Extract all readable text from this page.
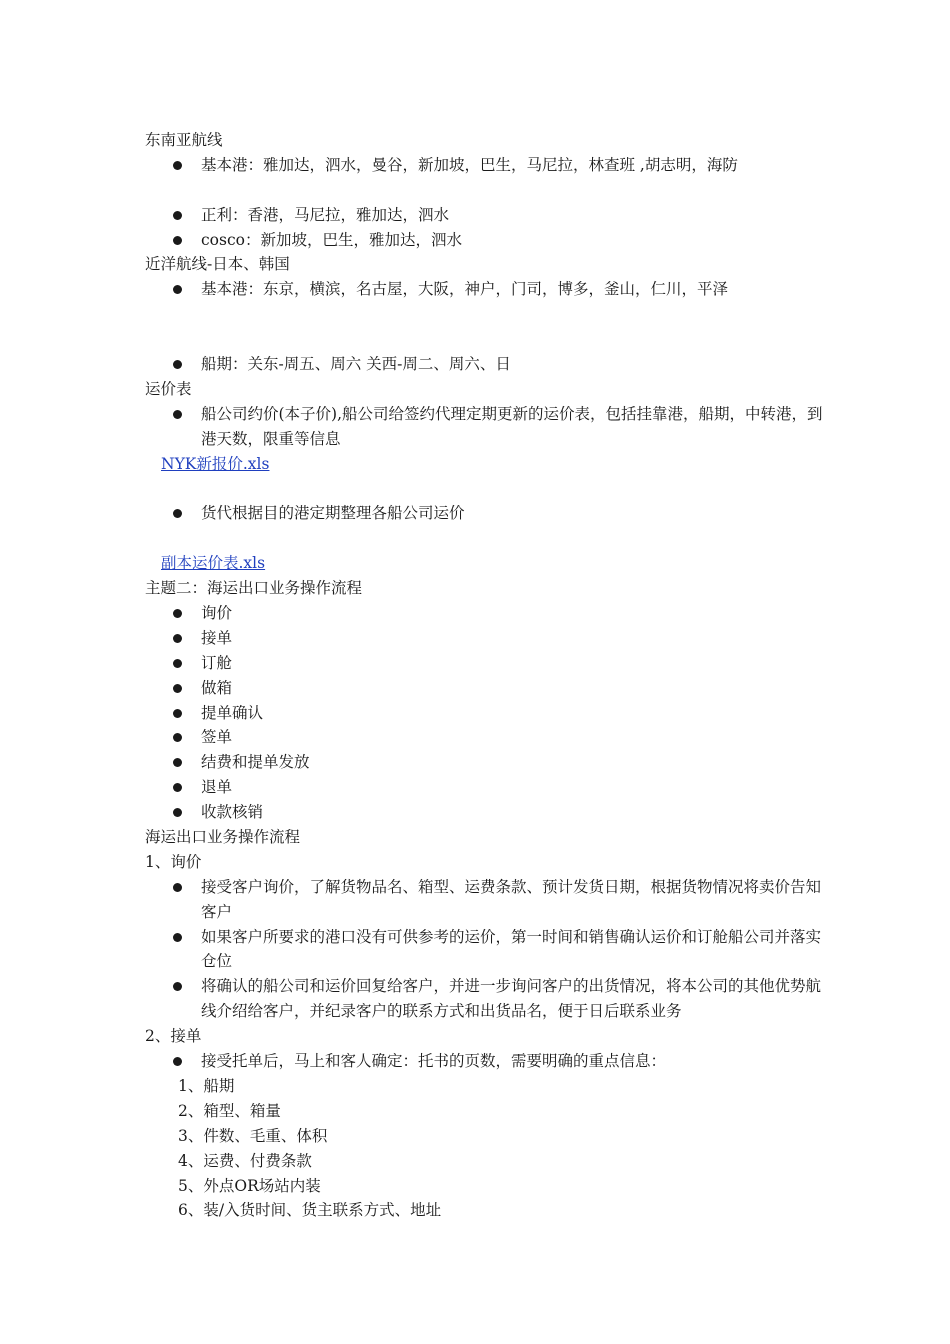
东南亚航线
基本港：雅加达，泗水，曼谷，新加坡，巴生，马尼拉，林查班 ,胡志明，海防
正利：香港，马尼拉，雅加达，泗水
cosco：新加坡，巴生，雅加达，泗水
近洋航线-日本、韩国
基本港：东京，横滨，名古屋，大阪，神户，门司，博多，釜山，仁川，平泽
船期：关东-周五、周六 关西-周二、周六、日
运价表
船公司约价(本子价),船公司给签约代理定期更新的运价表，包括挂靠港，船期，中转港，到港天数，限重等信息
NYK新报价.xls
货代根据目的港定期整理各船公司运价
副本运价表.xls
主题二：海运出口业务操作流程
询价
接单
订舱
做箱
提单确认
签单
结费和提单发放
退单
收款核销
海运出口业务操作流程
1、询价
接受客户询价，了解货物品名、箱型、运费条款、预计发货日期，根据货物情况将卖价告知客户
如果客户所要求的港口没有可供参考的运价，第一时间和销售确认运价和订舱船公司并落实仓位
将确认的船公司和运价回复给客户，并进一步询问客户的出货情况，将本公司的其他优势航线介绍给客户，并纪录客户的联系方式和出货品名，便于日后联系业务
2、接单
接受托单后，马上和客人确定：托书的页数，需要明确的重点信息：
1、船期
2、箱型、箱量
3、件数、毛重、体积
4、运费、付费条款
5、外点OR场站内装
6、装/入货时间、货主联系方式、地址
